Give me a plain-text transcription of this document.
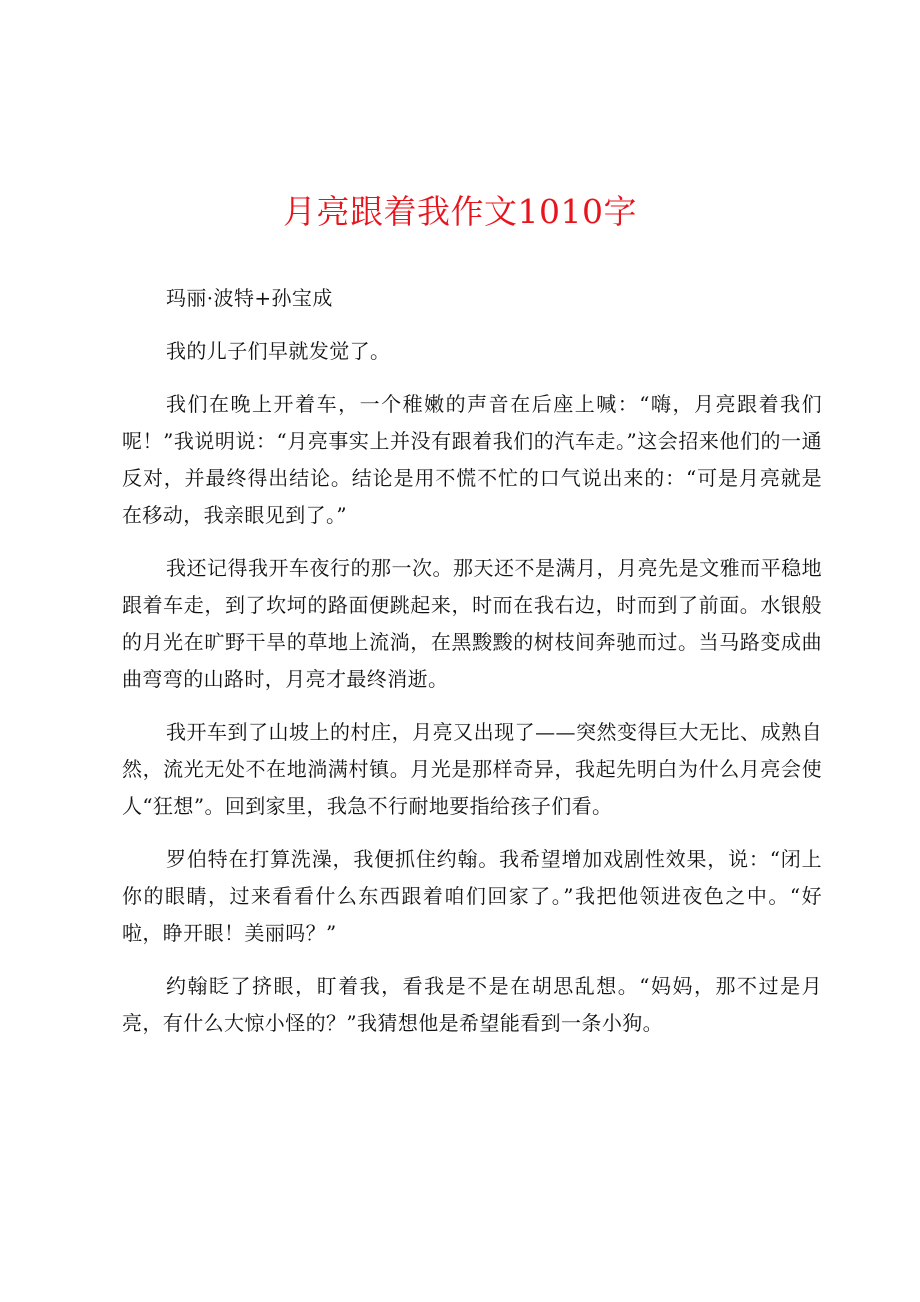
月亮跟着我作文1010字

玛丽·波特+孙宝成

我的儿子们早就发觉了。

我们在晚上开着车，一个稚嫩的声音在后座上喊：“嗨，月亮跟着我们呢！”我说明说：“月亮事实上并没有跟着我们的汽车走。”这会招来他们的一通反对，并最终得出结论。结论是用不慌不忙的口气说出来的：“可是月亮就是在移动，我亲眼见到了。”

我还记得我开车夜行的那一次。那天还不是满月，月亮先是文雅而平稳地跟着车走，到了坎坷的路面便跳起来，时而在我右边，时而到了前面。水银般的月光在旷野干旱的草地上流淌，在黑黢黢的树枝间奔驰而过。当马路变成曲曲弯弯的山路时，月亮才最终消逝。

我开车到了山坡上的村庄，月亮又出现了——突然变得巨大无比、成熟自然，流光无处不在地淌满村镇。月光是那样奇异，我起先明白为什么月亮会使人“狂想”。回到家里，我急不行耐地要指给孩子们看。

罗伯特在打算洗澡，我便抓住约翰。我希望增加戏剧性效果，说：“闭上你的眼睛，过来看看什么东西跟着咱们回家了。”我把他领进夜色之中。“好啦，睁开眼！美丽吗？”

约翰眨了挤眼，盯着我，看我是不是在胡思乱想。“妈妈，那不过是月亮，有什么大惊小怪的？”我猜想他是希望能看到一条小狗。
